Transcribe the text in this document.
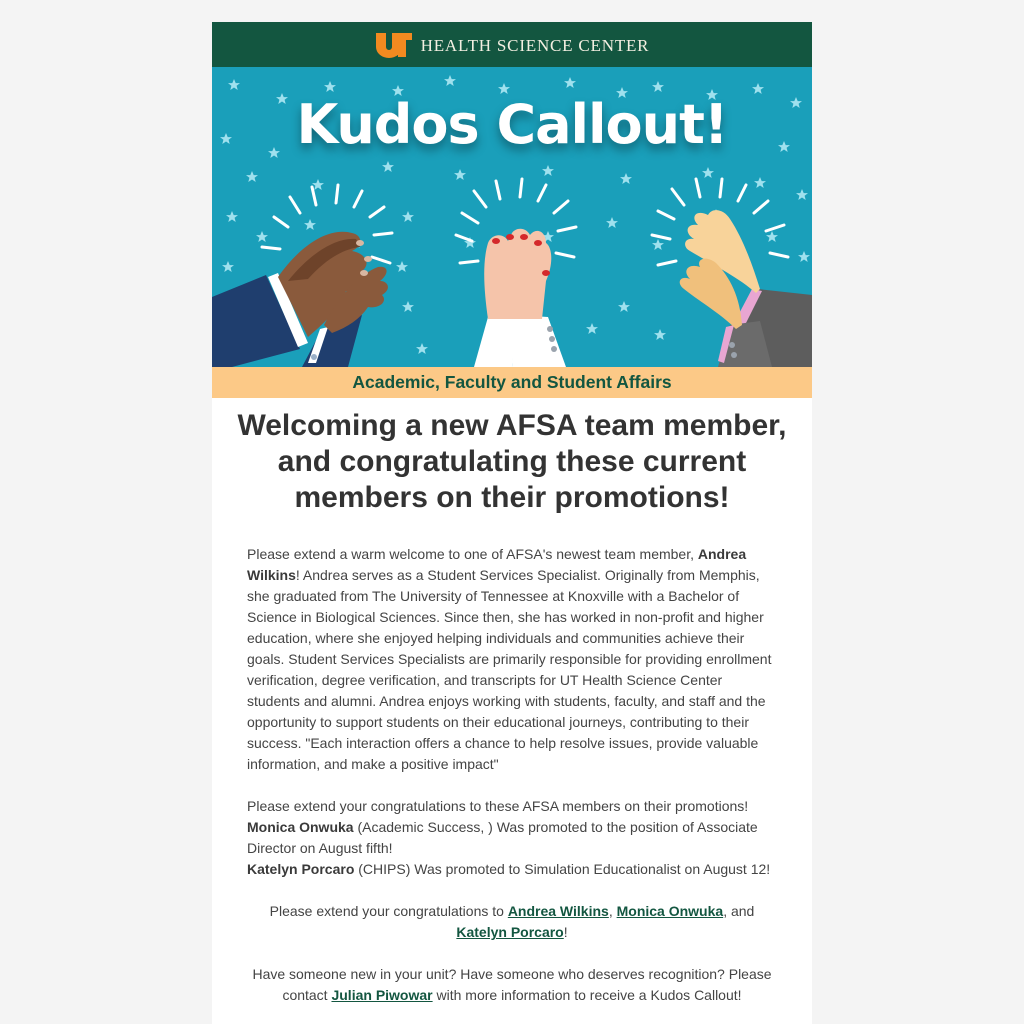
HEALTH SCIENCE CENTER
Kudos Callout!
Academic, Faculty and Student Affairs
Welcoming a new AFSA team member, and congratulating these current members on their promotions!

Please extend a warm welcome to one of AFSA's newest team member, Andrea Wilkins! Andrea serves as a Student Services Specialist. Originally from Memphis, she graduated from The University of Tennessee at Knoxville with a Bachelor of Science in Biological Sciences. Since then, she has worked in non-profit and higher education, where she enjoyed helping individuals and communities achieve their goals. Student Services Specialists are primarily responsible for providing enrollment verification, degree verification, and transcripts for UT Health Science Center students and alumni. Andrea enjoys working with students, faculty, and staff and the opportunity to support students on their educational journeys, contributing to their success. "Each interaction offers a chance to help resolve issues, provide valuable information, and make a positive impact"

Please extend your congratulations to these AFSA members on their promotions!

Monica Onwuka (Academic Success, ) Was promoted to the position of Associate Director on August fifth!

Katelyn Porcaro (CHIPS) Was promoted to Simulation Educationalist on August 12!

Please extend your congratulations to Andrea Wilkins, Monica Onwuka, and Katelyn Porcaro!

Have someone new in your unit? Have someone who deserves recognition? Please contact Julian Piwowar with more information to receive a Kudos Callout!
